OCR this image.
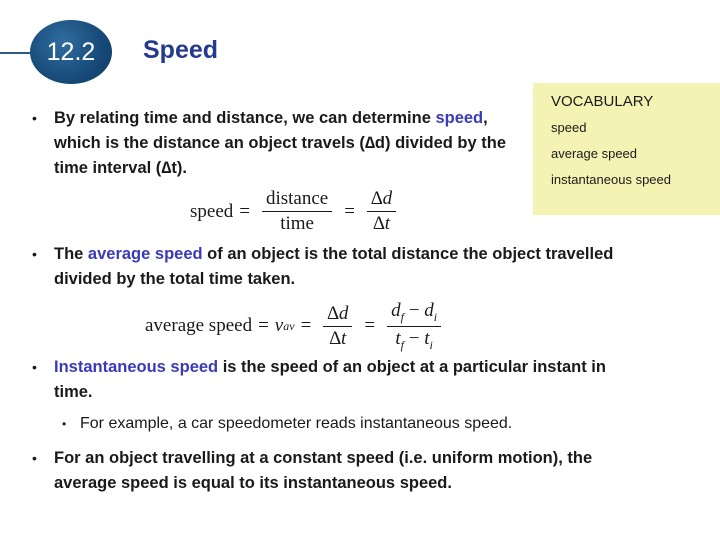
12.2 Speed
VOCABULARY
speed
average speed
instantaneous speed
• By relating time and distance, we can determine speed, which is the distance an object travels (∆d) divided by the time interval (∆t).
speed = $\frac{\text{distance}}{\text{time}} = \frac{\Delta d}{\Delta t}$
• The average speed of an object is the total distance the object travelled divided by the total time taken.
average speed = v av = $\frac{\Delta d}{\Delta t} = \frac{d_f - d_i}{t_f - t_i}$
• Instantaneous speed is the speed of an object at a particular instant in time.
• For example, a car speedometer reads instantaneous speed.
• For an object travelling at a constant speed (i.e. uniform motion), the average speed is equal to its instantaneous speed.
